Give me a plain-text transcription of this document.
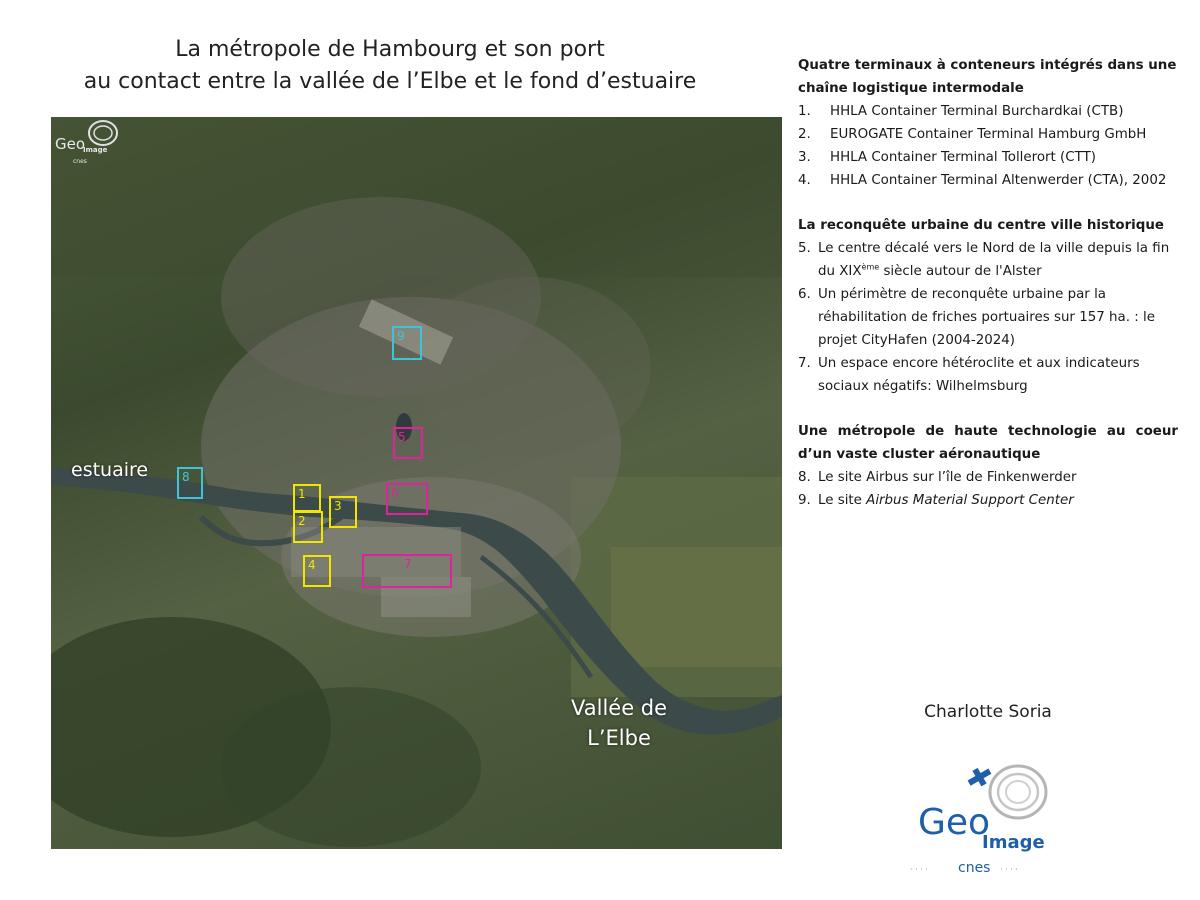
La métropole de Hambourg et son port
au contact entre la vallée de l’Elbe et le fond d’estuaire
estuaire
Vallée de
L’Elbe
1
2
3
4
5.
6
7
8
9
Geo
Image
cnes
Quatre terminaux à conteneurs intégrés dans une chaîne logistique intermodale
1. HHLA Container Terminal Burchardkai (CTB)
2. EUROGATE Container Terminal Hamburg GmbH
3. HHLA Container Terminal Tollerort (CTT)
4. HHLA Container Terminal Altenwerder (CTA), 2002
La reconquête urbaine du centre ville historique
5. Le centre décalé vers le Nord de la ville depuis la fin du XIXème siècle autour de l'Alster
6. Un périmètre de reconquête urbaine par la réhabilitation de friches portuaires sur 157 ha. : le projet CityHafen (2004-2024)
7. Un espace encore hétéroclite et aux indicateurs sociaux négatifs: Wilhelmsburg
Une métropole de haute technologie au coeur d’un vaste cluster aéronautique
8. Le site Airbus sur l’île de Finkenwerder
9. Le site Airbus Material Support Center
Charlotte Soria
Geo
Image
· · · · cnes · · · ·
